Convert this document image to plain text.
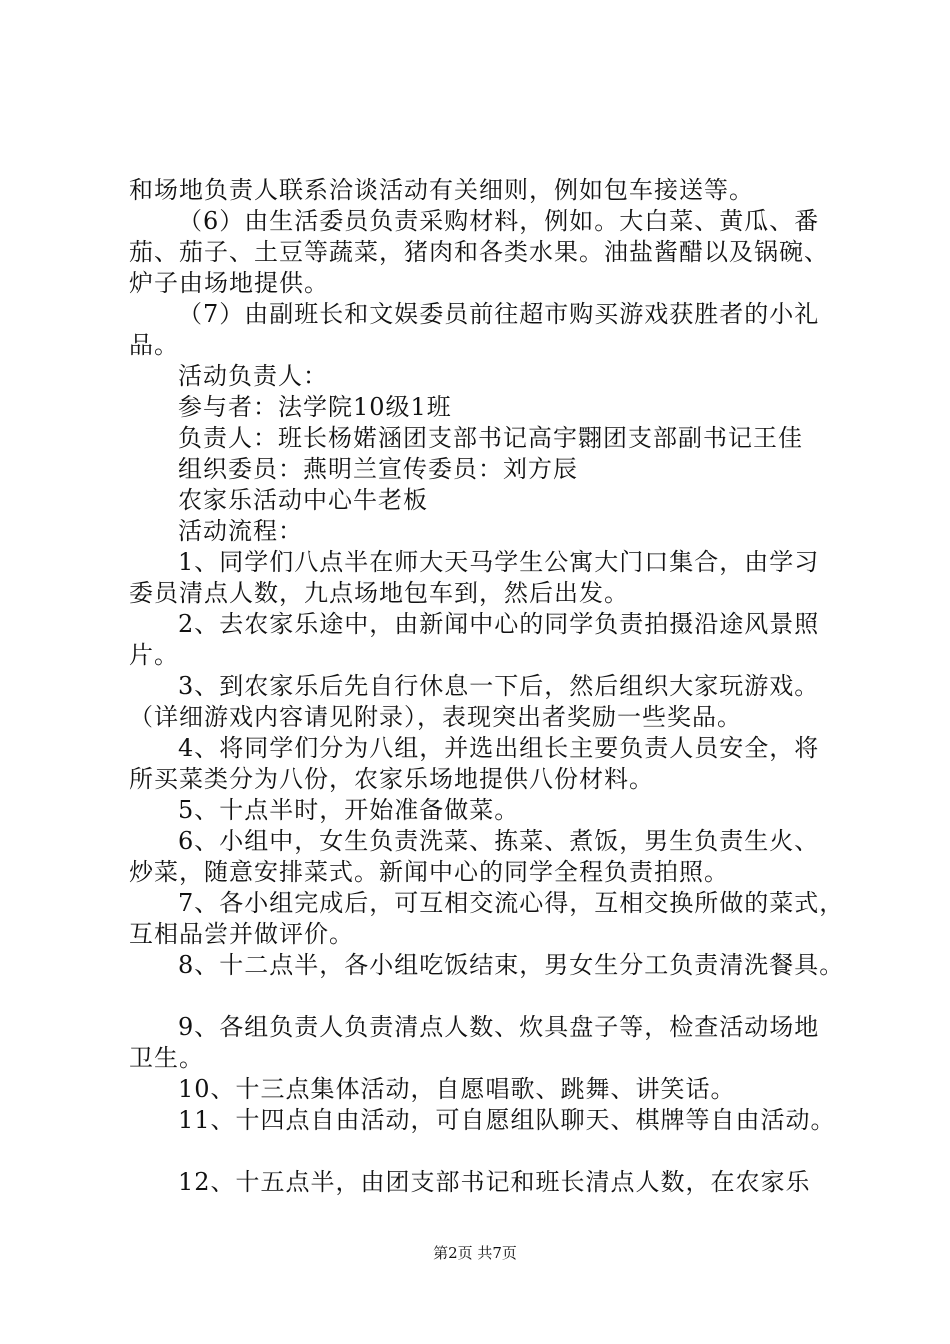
和场地负责人联系洽谈活动有关细则，例如包车接送等。
（6）由生活委员负责采购材料，例如。大白菜、黄瓜、番
茄、茄子、土豆等蔬菜，猪肉和各类水果。油盐酱醋以及锅碗、
炉子由场地提供。
（7）由副班长和文娱委员前往超市购买游戏获胜者的小礼
品。
活动负责人：
参与者：法学院10级1班
负责人：班长杨婼涵团支部书记高宇翾团支部副书记王佳
组织委员：燕明兰宣传委员：刘方辰
农家乐活动中心牛老板
活动流程：
1、同学们八点半在师大天马学生公寓大门口集合，由学习
委员清点人数，九点场地包车到，然后出发。
2、去农家乐途中，由新闻中心的同学负责拍摄沿途风景照
片。
3、到农家乐后先自行休息一下后，然后组织大家玩游戏。
（详细游戏内容请见附录），表现突出者奖励一些奖品。
4、将同学们分为八组，并选出组长主要负责人员安全，将
所买菜类分为八份，农家乐场地提供八份材料。
5、十点半时，开始准备做菜。
6、小组中，女生负责洗菜、拣菜、煮饭，男生负责生火、
炒菜，随意安排菜式。新闻中心的同学全程负责拍照。
7、各小组完成后，可互相交流心得，互相交换所做的菜式，
互相品尝并做评价。
8、十二点半，各小组吃饭结束，男女生分工负责清洗餐具。
9、各组负责人负责清点人数、炊具盘子等，检查活动场地
卫生。
10、十三点集体活动，自愿唱歌、跳舞、讲笑话。
11、十四点自由活动，可自愿组队聊天、棋牌等自由活动。
12、十五点半，由团支部书记和班长清点人数，在农家乐
第2页 共7页
